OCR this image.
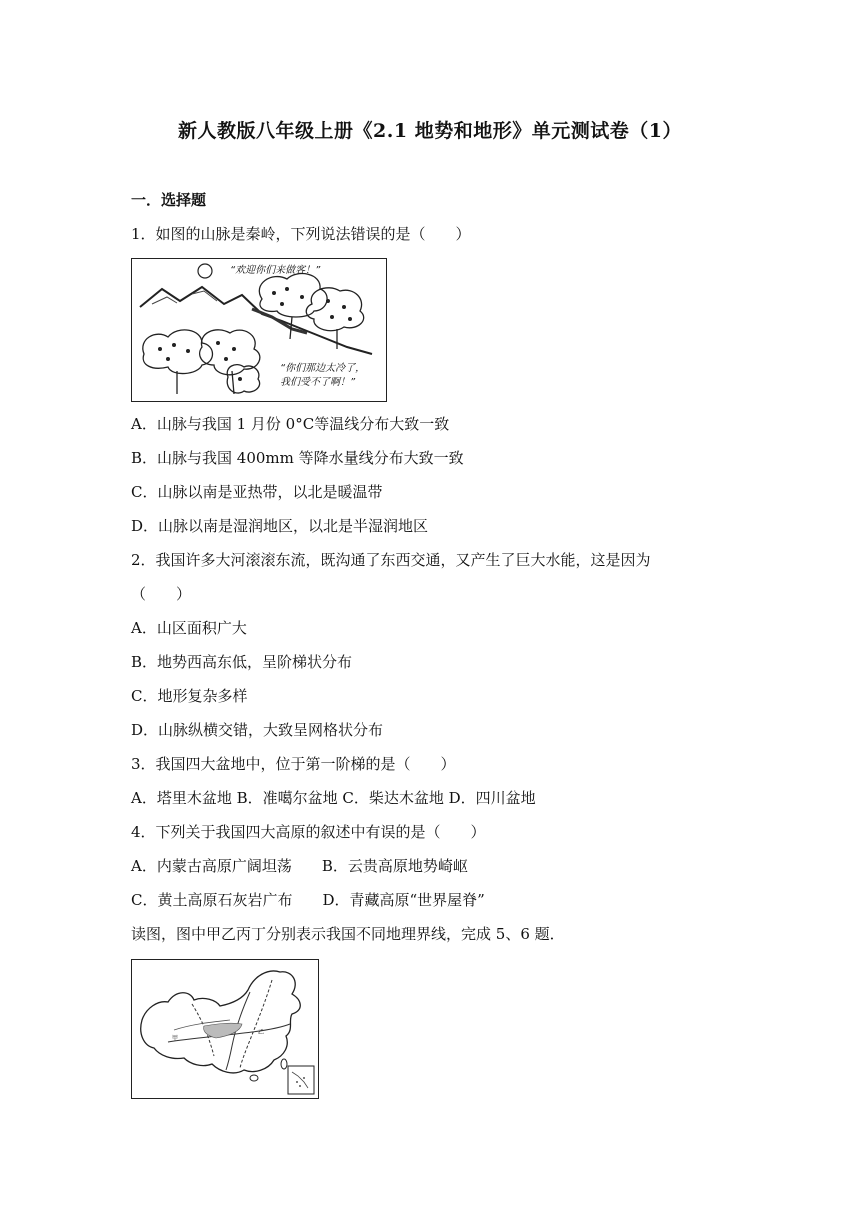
新人教版八年级上册《2.1 地势和地形》单元测试卷（1）
一．选择题
1．如图的山脉是秦岭，下列说法错误的是（　　）
“欢迎你们来做客！”
“你们那边太冷了，
我们受不了啊！”
A．山脉与我国 1 月份 0°C等温线分布大致一致
B．山脉与我国 400mm 等降水量线分布大致一致
C．山脉以南是亚热带，以北是暖温带
D．山脉以南是湿润地区，以北是半湿润地区
2．我国许多大河滚滚东流，既沟通了东西交通，又产生了巨大水能，这是因为
（　　）
A．山区面积广大
B．地势西高东低，呈阶梯状分布
C．地形复杂多样
D．山脉纵横交错，大致呈网格状分布
3．我国四大盆地中，位于第一阶梯的是（　　）
A．塔里木盆地 B．准噶尔盆地 C．柴达木盆地 D．四川盆地
4．下列关于我国四大高原的叙述中有误的是（　　）
A．内蒙古高原广阔坦荡　　B．云贵高原地势崎岖
C．黄土高原石灰岩广布　　D．青藏高原“世界屋脊”
读图，图中甲乙丙丁分别表示我国不同地理界线，完成 5、6 题．
甲
乙
